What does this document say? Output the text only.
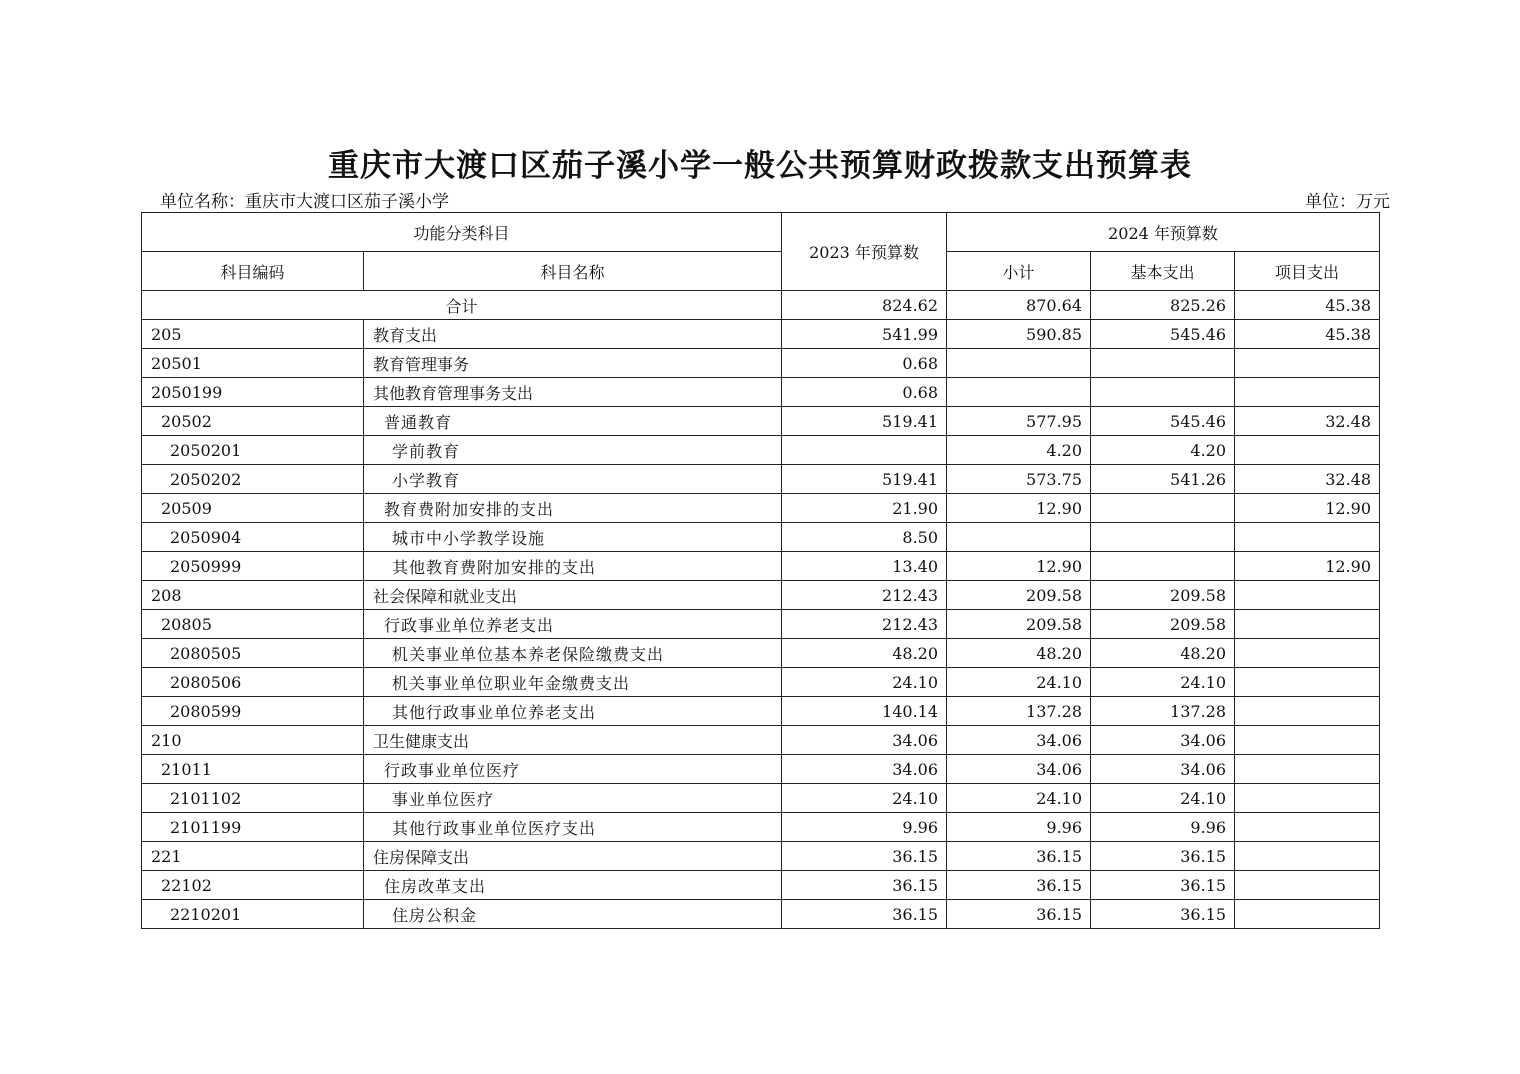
重庆市大渡口区茄子溪小学一般公共预算财政拨款支出预算表
单位名称：重庆市大渡口区茄子溪小学	单位：万元
功能分类科目		2023 年预算数	2024 年预算数		
科目编码	科目名称		小计	基本支出	项目支出
合计		824.62	870.64	825.26	45.38
205	教育支出	541.99	590.85	545.46	45.38
20501	教育管理事务	0.68			
2050199	其他教育管理事务支出	0.68			
20502	普通教育	519.41	577.95	545.46	32.48
2050201	学前教育		4.20	4.20	
2050202	小学教育	519.41	573.75	541.26	32.48
20509	教育费附加安排的支出	21.90	12.90		12.90
2050904	城市中小学教学设施	8.50			
2050999	其他教育费附加安排的支出	13.40	12.90		12.90
208	社会保障和就业支出	212.43	209.58	209.58	
20805	行政事业单位养老支出	212.43	209.58	209.58	
2080505	机关事业单位基本养老保险缴费支出	48.20	48.20	48.20	
2080506	机关事业单位职业年金缴费支出	24.10	24.10	24.10	
2080599	其他行政事业单位养老支出	140.14	137.28	137.28	
210	卫生健康支出	34.06	34.06	34.06	
21011	行政事业单位医疗	34.06	34.06	34.06	
2101102	事业单位医疗	24.10	24.10	24.10	
2101199	其他行政事业单位医疗支出	9.96	9.96	9.96	
221	住房保障支出	36.15	36.15	36.15	
22102	住房改革支出	36.15	36.15	36.15	
2210201	住房公积金	36.15	36.15	36.15	
